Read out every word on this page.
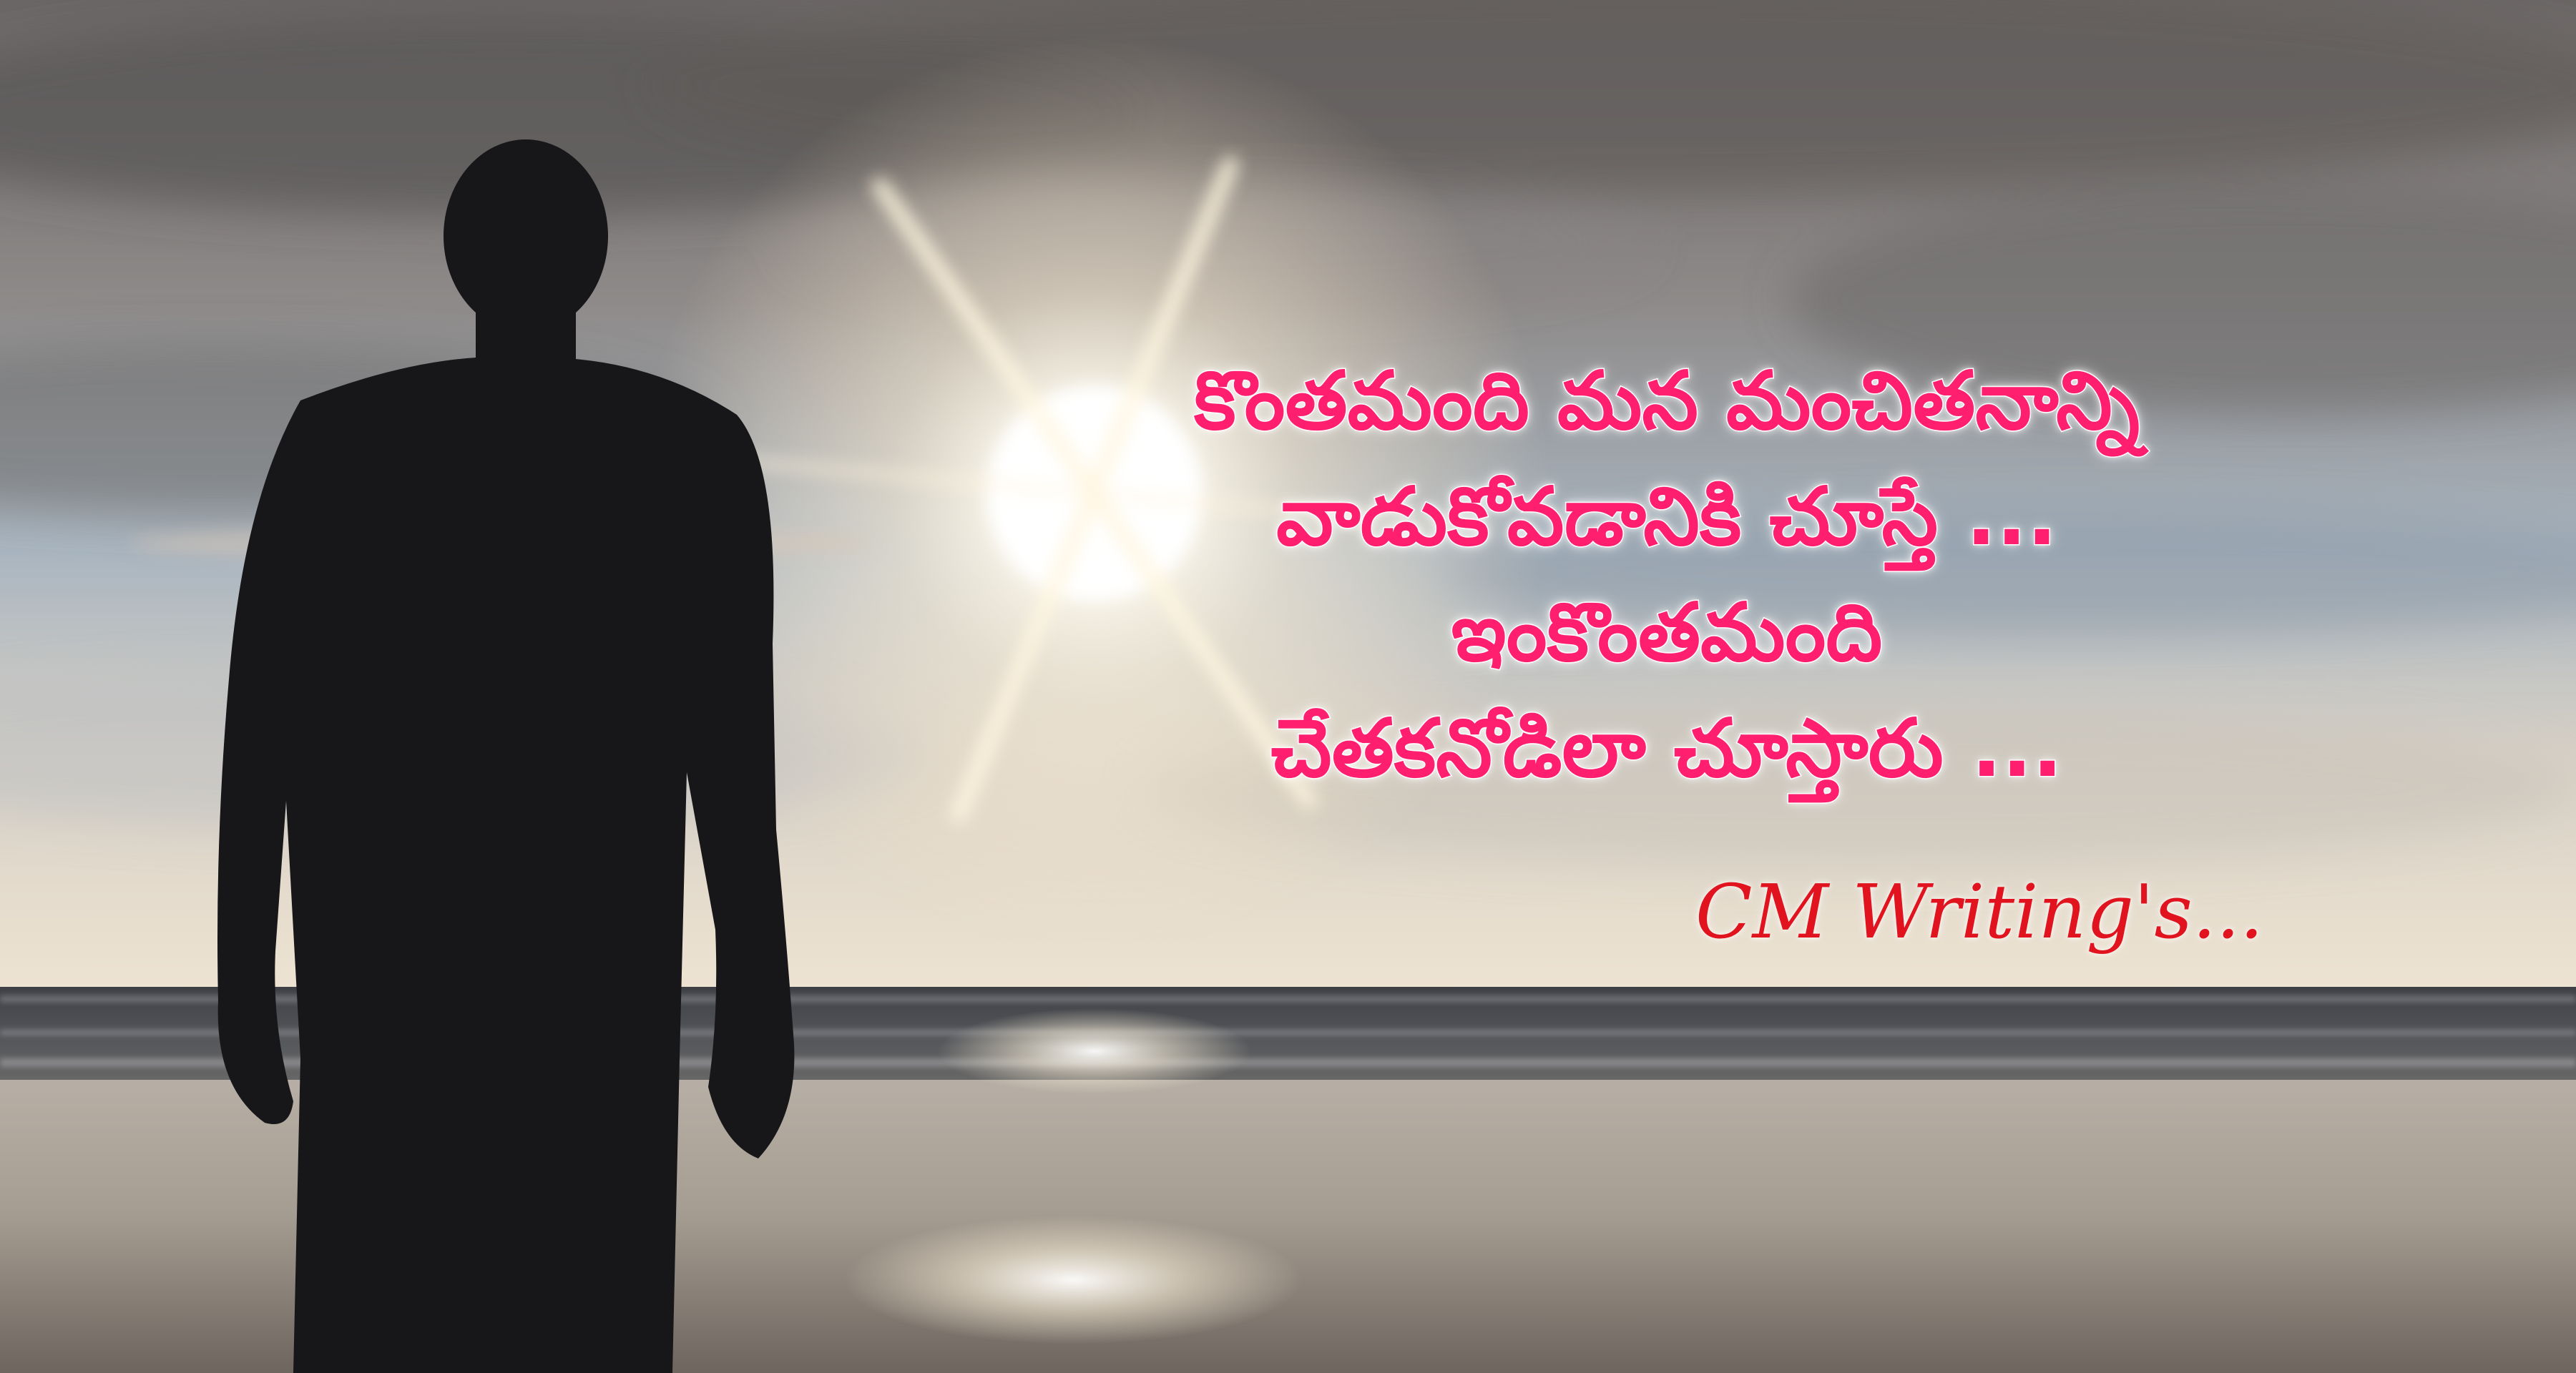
కొంతమంది మన మంచితనాన్ని
వాడుకోవడానికి చూస్తే ...
ఇంకొంతమంది
చేతకనోడిలా చూస్తారు ...
CM Writing's...
